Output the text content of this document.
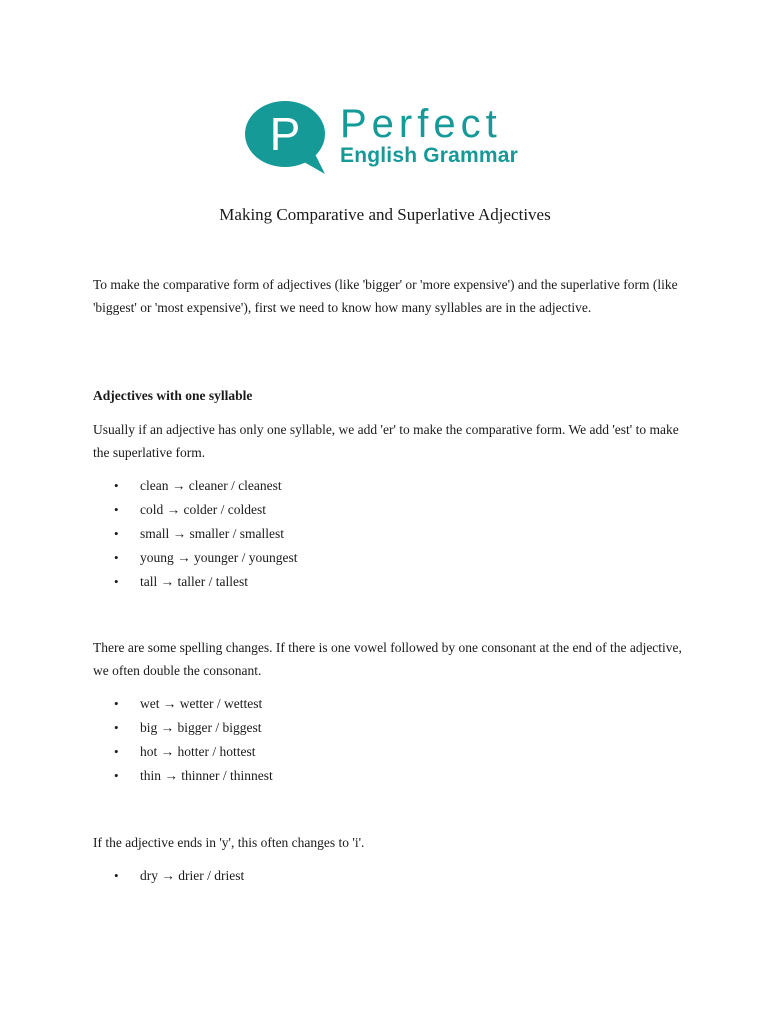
P Perfect
English Grammar
Making Comparative and Superlative Adjectives

To make the comparative form of adjectives (like 'bigger' or 'more expensive') and the superlative form (like 'biggest' or 'most expensive'), first we need to know how many syllables are in the adjective.

Adjectives with one syllable

Usually if an adjective has only one syllable, we add 'er' to make the comparative form. We add 'est' to make the superlative form.

• clean → cleaner / cleanest
• cold → colder / coldest
• small → smaller / smallest
• young → younger / youngest
• tall → taller / tallest

There are some spelling changes. If there is one vowel followed by one consonant at the end of the adjective, we often double the consonant.

• wet → wetter / wettest
• big → bigger / biggest
• hot → hotter / hottest
• thin → thinner / thinnest

If the adjective ends in 'y', this often changes to 'i'.

• dry → drier / driest
